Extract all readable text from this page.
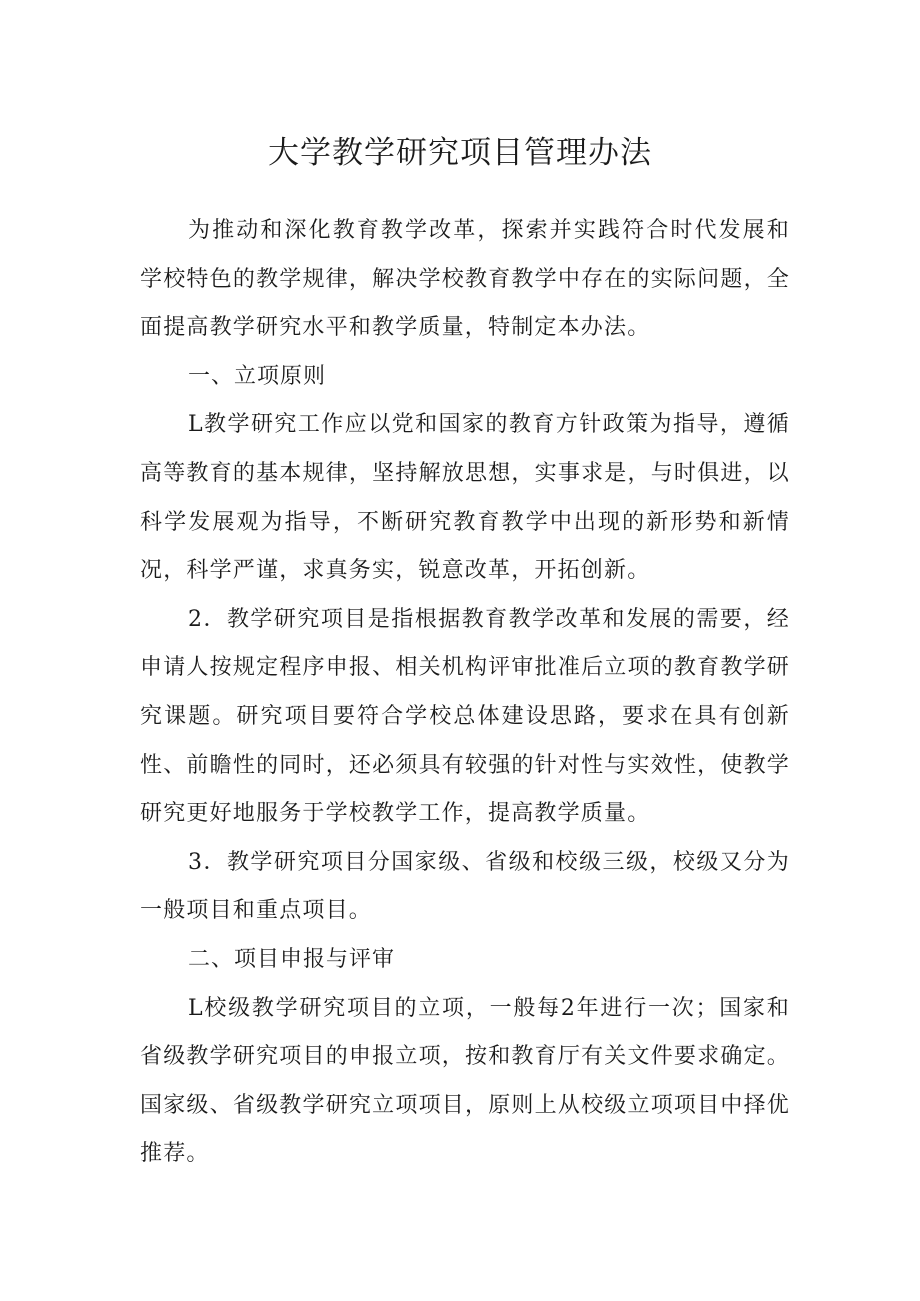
大学教学研究项目管理办法

为推动和深化教育教学改革，探索并实践符合时代发展和学校特色的教学规律，解决学校教育教学中存在的实际问题，全面提高教学研究水平和教学质量，特制定本办法。

一、立项原则

L教学研究工作应以党和国家的教育方针政策为指导，遵循高等教育的基本规律，坚持解放思想，实事求是，与时俱进，以科学发展观为指导，不断研究教育教学中出现的新形势和新情况，科学严谨，求真务实，锐意改革，开拓创新。

2．教学研究项目是指根据教育教学改革和发展的需要，经申请人按规定程序申报、相关机构评审批准后立项的教育教学研究课题。研究项目要符合学校总体建设思路，要求在具有创新性、前瞻性的同时，还必须具有较强的针对性与实效性，使教学研究更好地服务于学校教学工作，提高教学质量。

3．教学研究项目分国家级、省级和校级三级，校级又分为一般项目和重点项目。

二、项目申报与评审

L校级教学研究项目的立项，一般每2年进行一次；国家和省级教学研究项目的申报立项，按和教育厅有关文件要求确定。国家级、省级教学研究立项项目，原则上从校级立项项目中择优推荐。
